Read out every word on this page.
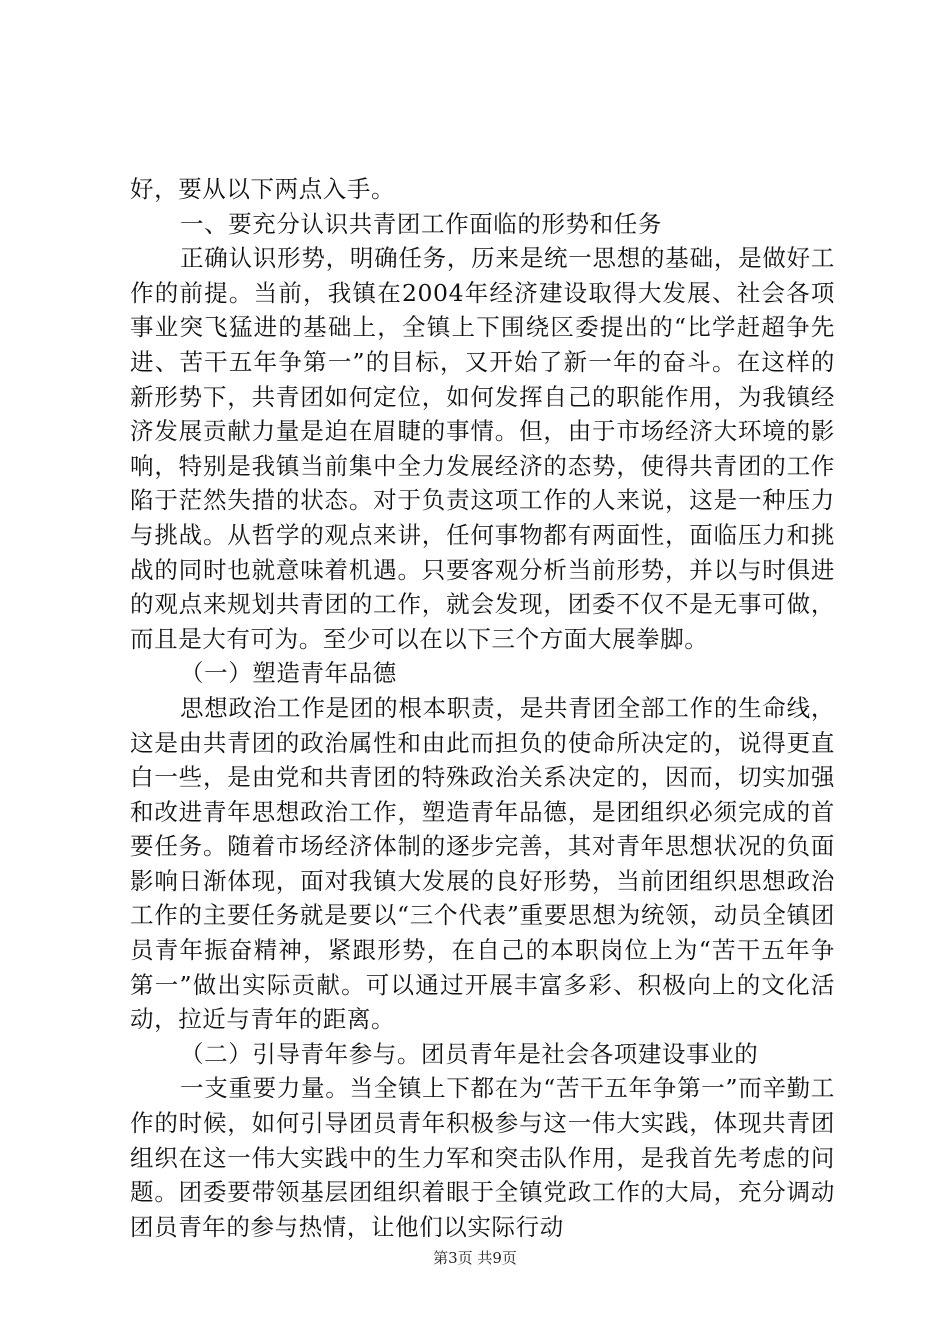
好，要从以下两点入手。

一、要充分认识共青团工作面临的形势和任务

正确认识形势，明确任务，历来是统一思想的基础，是做好工作的前提。当前，我镇在2004年经济建设取得大发展、社会各项事业突飞猛进的基础上，全镇上下围绕区委提出的“比学赶超争先进、苦干五年争第一”的目标，又开始了新一年的奋斗。在这样的新形势下，共青团如何定位，如何发挥自己的职能作用，为我镇经济发展贡献力量是迫在眉睫的事情。但，由于市场经济大环境的影响，特别是我镇当前集中全力发展经济的态势，使得共青团的工作陷于茫然失措的状态。对于负责这项工作的人来说，这是一种压力与挑战。从哲学的观点来讲，任何事物都有两面性，面临压力和挑战的同时也就意味着机遇。只要客观分析当前形势，并以与时俱进的观点来规划共青团的工作，就会发现，团委不仅不是无事可做，而且是大有可为。至少可以在以下三个方面大展拳脚。

（一）塑造青年品德

思想政治工作是团的根本职责，是共青团全部工作的生命线，这是由共青团的政治属性和由此而担负的使命所决定的，说得更直白一些，是由党和共青团的特殊政治关系决定的，因而，切实加强和改进青年思想政治工作，塑造青年品德，是团组织必须完成的首要任务。随着市场经济体制的逐步完善，其对青年思想状况的负面影响日渐体现，面对我镇大发展的良好形势，当前团组织思想政治工作的主要任务就是要以“三个代表”重要思想为统领，动员全镇团员青年振奋精神，紧跟形势，在自己的本职岗位上为“苦干五年争第一”做出实际贡献。可以通过开展丰富多彩、积极向上的文化活动，拉近与青年的距离。

（二）引导青年参与。团员青年是社会各项建设事业的

一支重要力量。当全镇上下都在为“苦干五年争第一”而辛勤工作的时候，如何引导团员青年积极参与这一伟大实践，体现共青团组织在这一伟大实践中的生力军和突击队作用，是我首先考虑的问题。团委要带领基层团组织着眼于全镇党政工作的大局，充分调动团员青年的参与热情，让他们以实际行动

第3页 共9页
